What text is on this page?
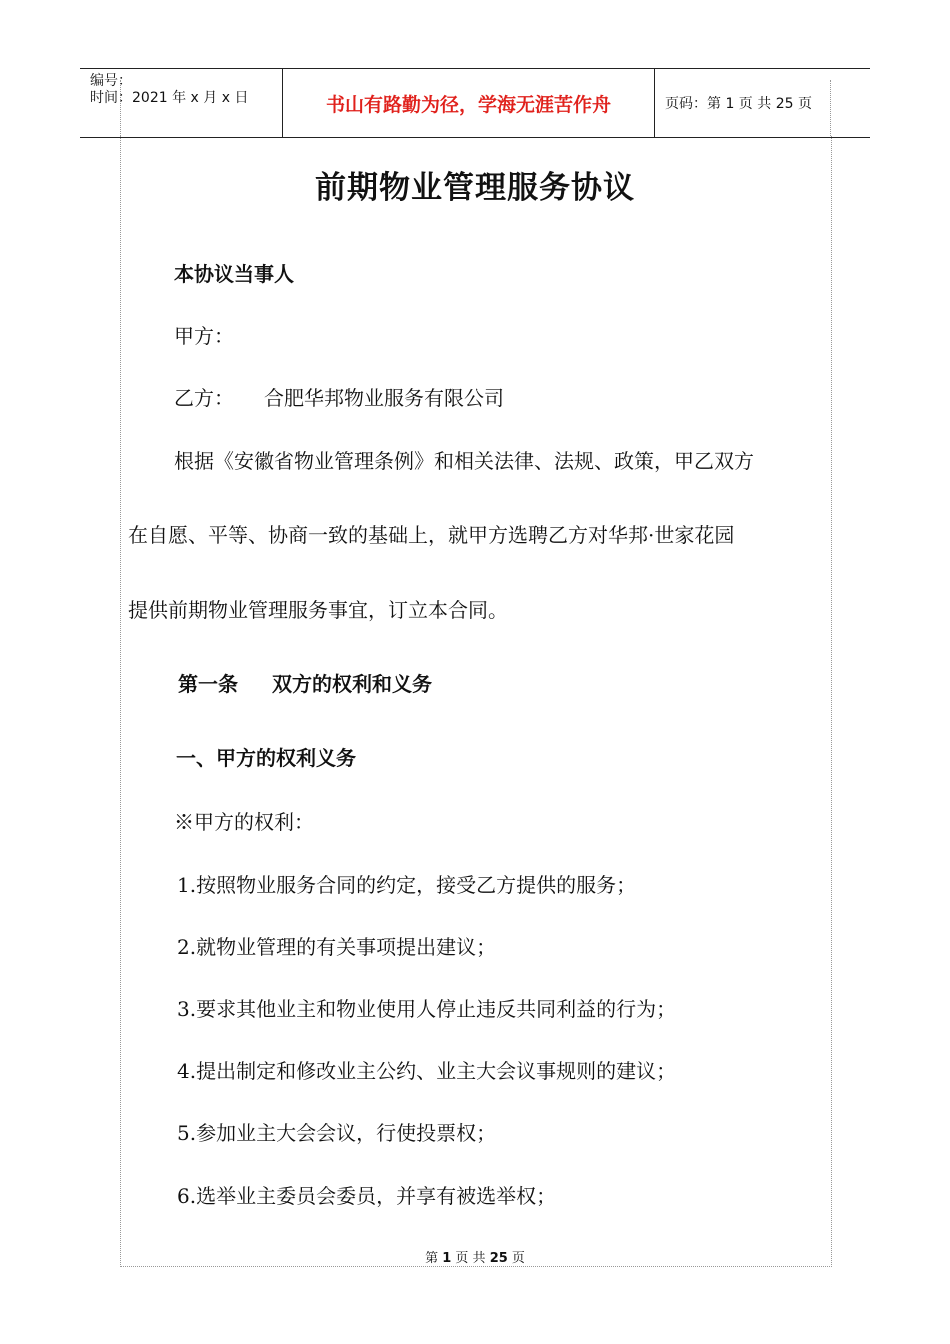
编号：
时间：2021 年 x 月 x 日	书山有路勤为径，学海无涯苦作舟	页码：第 1 页 共 25 页
前期物业管理服务协议
本协议当事人
甲方：
乙方： 合肥华邦物业服务有限公司
根据《安徽省物业管理条例》和相关法律、法规、政策，甲乙双方
在自愿、平等、协商一致的基础上，就甲方选聘乙方对华邦·世家花园
提供前期物业管理服务事宜，订立本合同。
第一条 双方的权利和义务
一、甲方的权利义务
※甲方的权利：
1.按照物业服务合同的约定，接受乙方提供的服务；
2.就物业管理的有关事项提出建议；
3.要求其他业主和物业使用人停止违反共同利益的行为；
4.提出制定和修改业主公约、业主大会议事规则的建议；
5.参加业主大会会议，行使投票权；
6.选举业主委员会委员，并享有被选举权；
第 1 页 共 25 页
